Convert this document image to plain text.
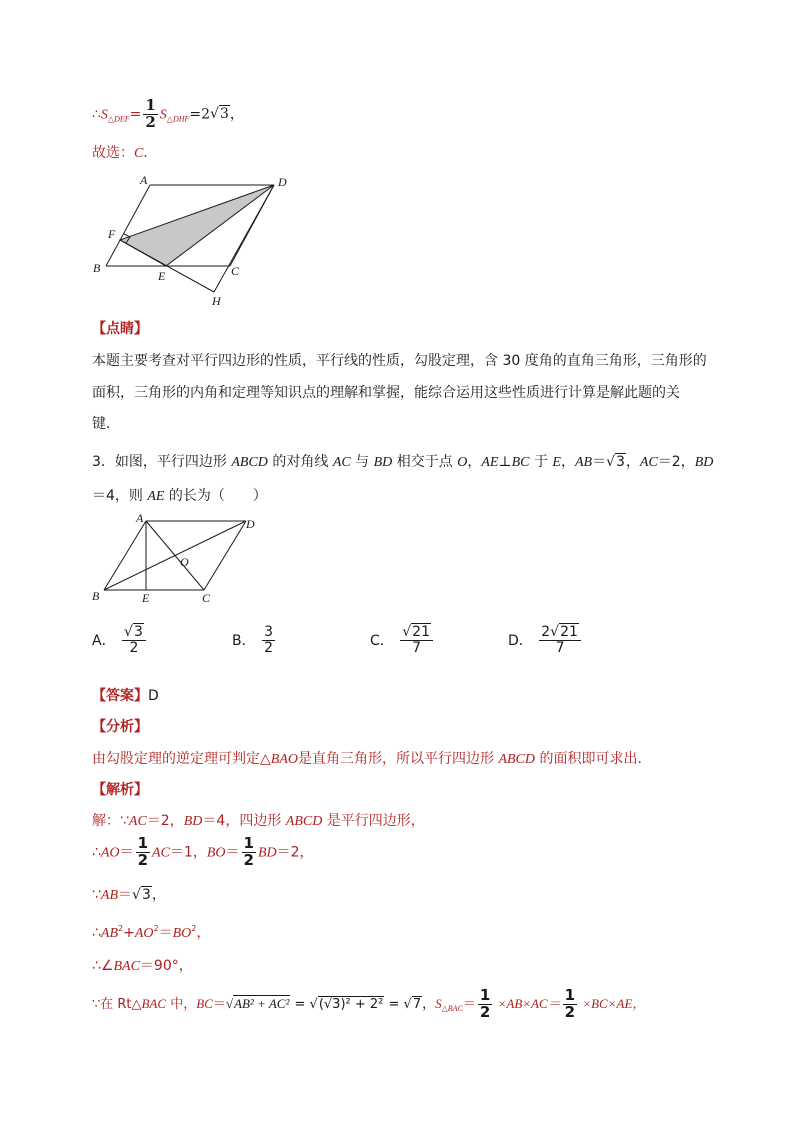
$\therefore S_{\triangle DEF}= \frac{1}{2} S_{\triangle DHF}=2√3$，
故选：C．
A	D
F
B
E	C
H
【点睛】
本题主要考查对平行四边形的性质，平行线的性质，勾股定理，含 30 度角的直角三角形，三角形的
面积，三角形的内角和定理等知识点的理解和掌握，能综合运用这些性质进行计算是解此题的关
键．
3．如图，平行四边形 ABCD 的对角线 AC 与 BD 相交于点 O，AE⊥BC 于 E，AB＝√3，AC＝2，BD
＝4，则 AE 的长为（　　）
A	D
O
B	E	C
A． $\frac{√3}{2}$	B． $\frac{3}{2}$	C． $\frac{√21}{7}$	D． $\frac{2√21}{7}$
【答案】D
【分析】
由勾股定理的逆定理可判定△BAO是直角三角形，所以平行四边形 ABCD 的面积即可求出．
【解析】
解：∵AC＝2，BD＝4，四边形 ABCD 是平行四边形，
∴AO＝ $\frac{1}{2} AC=1$，$BO= \frac{1}{2} BD=2$，
∵AB＝√3，
$\therefore AB^2+AO^2=BO^2$，
∴∠BAC＝90°，
∵在 Rt△BAC 中，BC＝√AB² + AC² = √(√3)² + 2² = √7，$S_{\triangle BAC}= \frac{1}{2} \times AB\times AC= \frac{1}{2} \times BC\times AE$，
